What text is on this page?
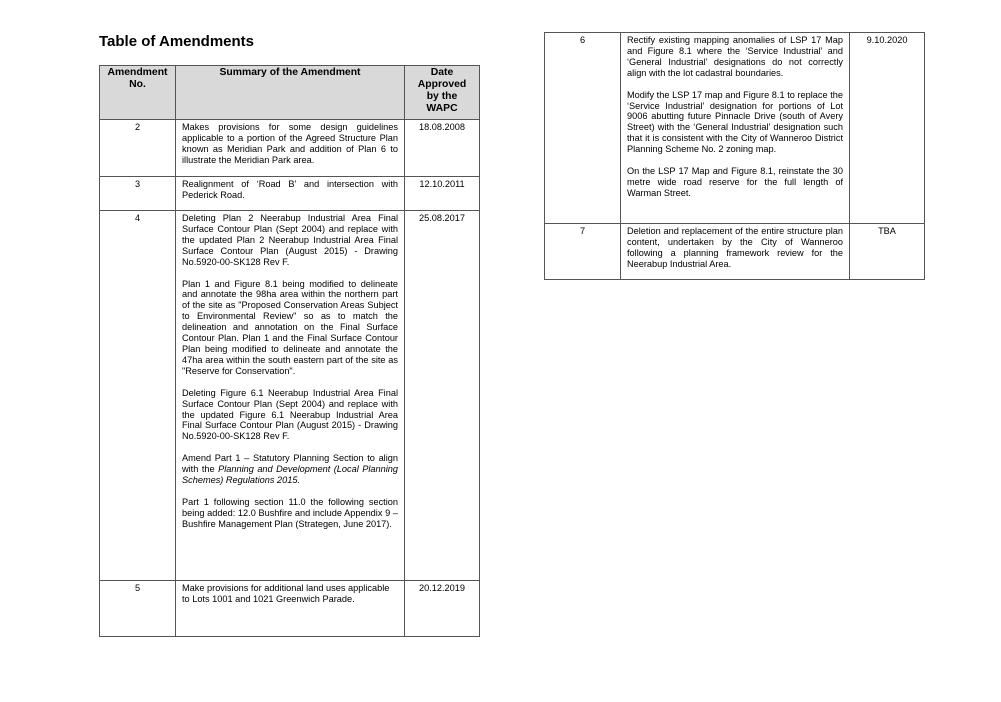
Table of Amendments
Amendment No.	Summary of the Amendment	Date Approved by the WAPC
2	Makes provisions for some design guidelines applicable to a portion of the Agreed Structure Plan known as Meridian Park and addition of Plan 6 to illustrate the Meridian Park area.	18.08.2008
3	Realignment of ‘Road B’ and intersection with Pederick Road.	12.10.2011
4	Deleting Plan 2 Neerabup Industrial Area Final Surface Contour Plan (Sept 2004) and replace with the updated Plan 2 Neerabup Industrial Area Final Surface Contour Plan (August 2015) - Drawing No.5920-00-SK128 Rev F.

Plan 1 and Figure 8.1 being modified to delineate and annotate the 98ha area within the northern part of the site as "Proposed Conservation Areas Subject to Environmental Review" so as to match the delineation and annotation on the Final Surface Contour Plan. Plan 1 and the Final Surface Contour Plan being modified to delineate and annotate the 47ha area within the south eastern part of the site as "Reserve for Conservation".

Deleting Figure 6.1 Neerabup Industrial Area Final Surface Contour Plan (Sept 2004) and replace with the updated Figure 6.1 Neerabup Industrial Area Final Surface Contour Plan (August 2015) - Drawing No.5920-00-SK128 Rev F.

Amend Part 1 – Statutory Planning Section to align with the Planning and Development (Local Planning Schemes) Regulations 2015.

Part 1 following section 11.0 the following section being added: 12.0 Bushfire and include Appendix 9 – Bushfire Management Plan (Strategen, June 2017).	25.08.2017
5	Make provisions for additional land uses applicable to Lots 1001 and 1021 Greenwich Parade.	20.12.2019
6	Rectify existing mapping anomalies of LSP 17 Map and Figure 8.1 where the ‘Service Industrial’ and ‘General Industrial’ designations do not correctly align with the lot cadastral boundaries.

Modify the LSP 17 map and Figure 8.1 to replace the ‘Service Industrial’ designation for portions of Lot 9006 abutting future Pinnacle Drive (south of Avery Street) with the ‘General Industrial’ designation such that it is consistent with the City of Wanneroo District Planning Scheme No. 2 zoning map.

On the LSP 17 Map and Figure 8.1, reinstate the 30 metre wide road reserve for the full length of Warman Street.	9.10.2020
7	Deletion and replacement of the entire structure plan content, undertaken by the City of Wanneroo following a planning framework review for the Neerabup Industrial Area.	TBA
